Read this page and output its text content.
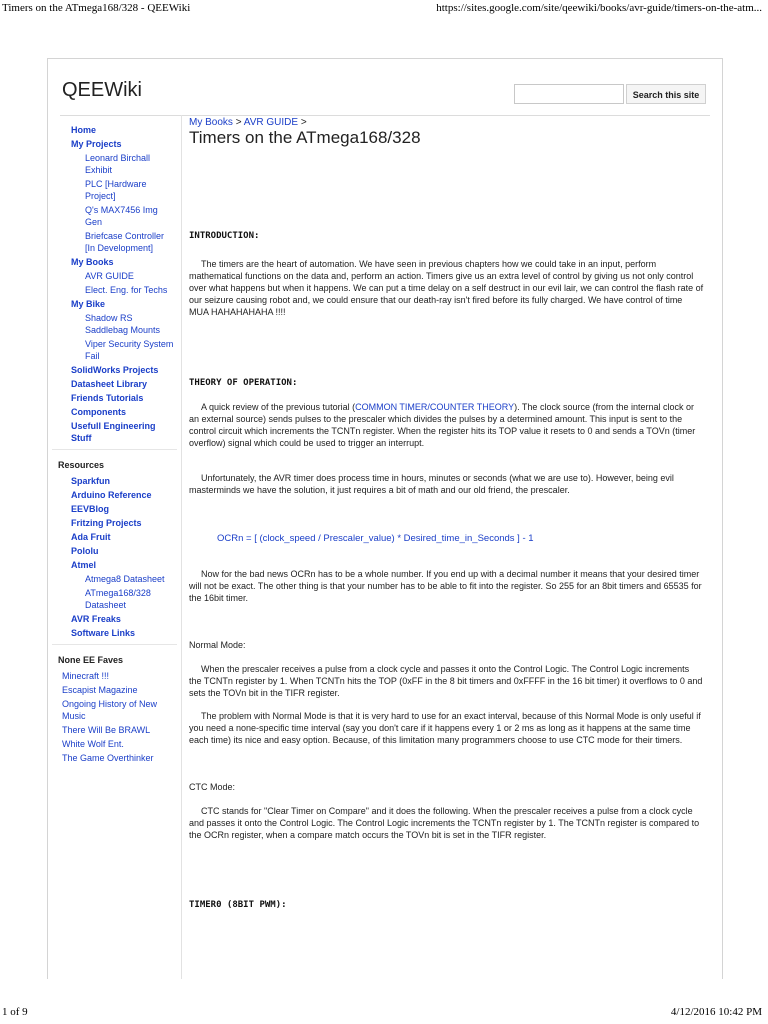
Timers on the ATmega168/328 - QEEWiki	https://sites.google.com/site/qeewiki/books/avr-guide/timers-on-the-atm...
QEEWiki	Search this site
Home
My Projects
Leonard Birchall Exhibit
PLC [Hardware Project]
Q's MAX7456 Img Gen
Briefcase Controller [In Development]
My Books
AVR GUIDE
Elect. Eng. for Techs
My Bike
Shadow RS Saddlebag Mounts
Viper Security System Fail
SolidWorks Projects
Datasheet Library
Friends Tutorials
Components
Usefull Engineering Stuff
Resources
Sparkfun
Arduino Reference
EEVBlog
Fritzing Projects
Ada Fruit
Pololu
Atmel
Atmega8 Datasheet
ATmega168/328 Datasheet
AVR Freaks
Software Links
None EE Faves
Minecraft !!!
Escapist Magazine
Ongoing History of New Music
There Will Be BRAWL
White Wolf Ent.
The Game Overthinker
My Books > AVR GUIDE >
Timers on the ATmega168/328
INTRODUCTION:
The timers are the heart of automation. We have seen in previous chapters how we could take in an input, perform mathematical functions on the data and, perform an action. Timers give us an extra level of control by giving us not only control over what happens but when it happens. We can put a time delay on a self destruct in our evil lair, we can control the flash rate of our seizure causing robot and, we could ensure that our death-ray isn't fired before its fully charged. We have control of time MUA HAHAHAHAHA !!!!
THEORY OF OPERATION:
A quick review of the previous tutorial (COMMON TIMER/COUNTER THEORY). The clock source (from the internal clock or an external source) sends pulses to the prescaler which divides the pulses by a determined amount. This input is sent to the control circuit which increments the TCNTn register. When the register hits its TOP value it resets to 0 and sends a TOVn (timer overflow) signal which could be used to trigger an interrupt.
Unfortunately, the AVR timer does process time in hours, minutes or seconds (what we are use to). However, being evil masterminds we have the solution, it just requires a bit of math and our old friend, the prescaler.
OCRn = [ (clock_speed / Prescaler_value) * Desired_time_in_Seconds ] - 1
Now for the bad news OCRn has to be a whole number. If you end up with a decimal number it means that your desired timer will not be exact. The other thing is that your number has to be able to fit into the register. So 255 for an 8bit timers and 65535 for the 16bit timer.
Normal Mode:
When the prescaler receives a pulse from a clock cycle and passes it onto the Control Logic. The Control Logic increments the TCNTn register by 1. When TCNTn hits the TOP (0xFF in the 8 bit timers and 0xFFFF in the 16 bit timer) it overflows to 0 and sets the TOVn bit in the TIFR register.
The problem with Normal Mode is that it is very hard to use for an exact interval, because of this Normal Mode is only useful if you need a none-specific time interval (say you don't care if it happens every 1 or 2 ms as long as it happens at the same time each time) its nice and easy option. Because, of this limitation many programmers choose to use CTC mode for their timers.
CTC Mode:
CTC stands for "Clear Timer on Compare" and it does the following. When the prescaler receives a pulse from a clock cycle and passes it onto the Control Logic. The Control Logic increments the TCNTn register by 1. The TCNTn register is compared to the OCRn register, when a compare match occurs the TOVn bit is set in the TIFR register.
TIMER0 (8BIT PWM):
1 of 9	4/12/2016 10:42 PM
